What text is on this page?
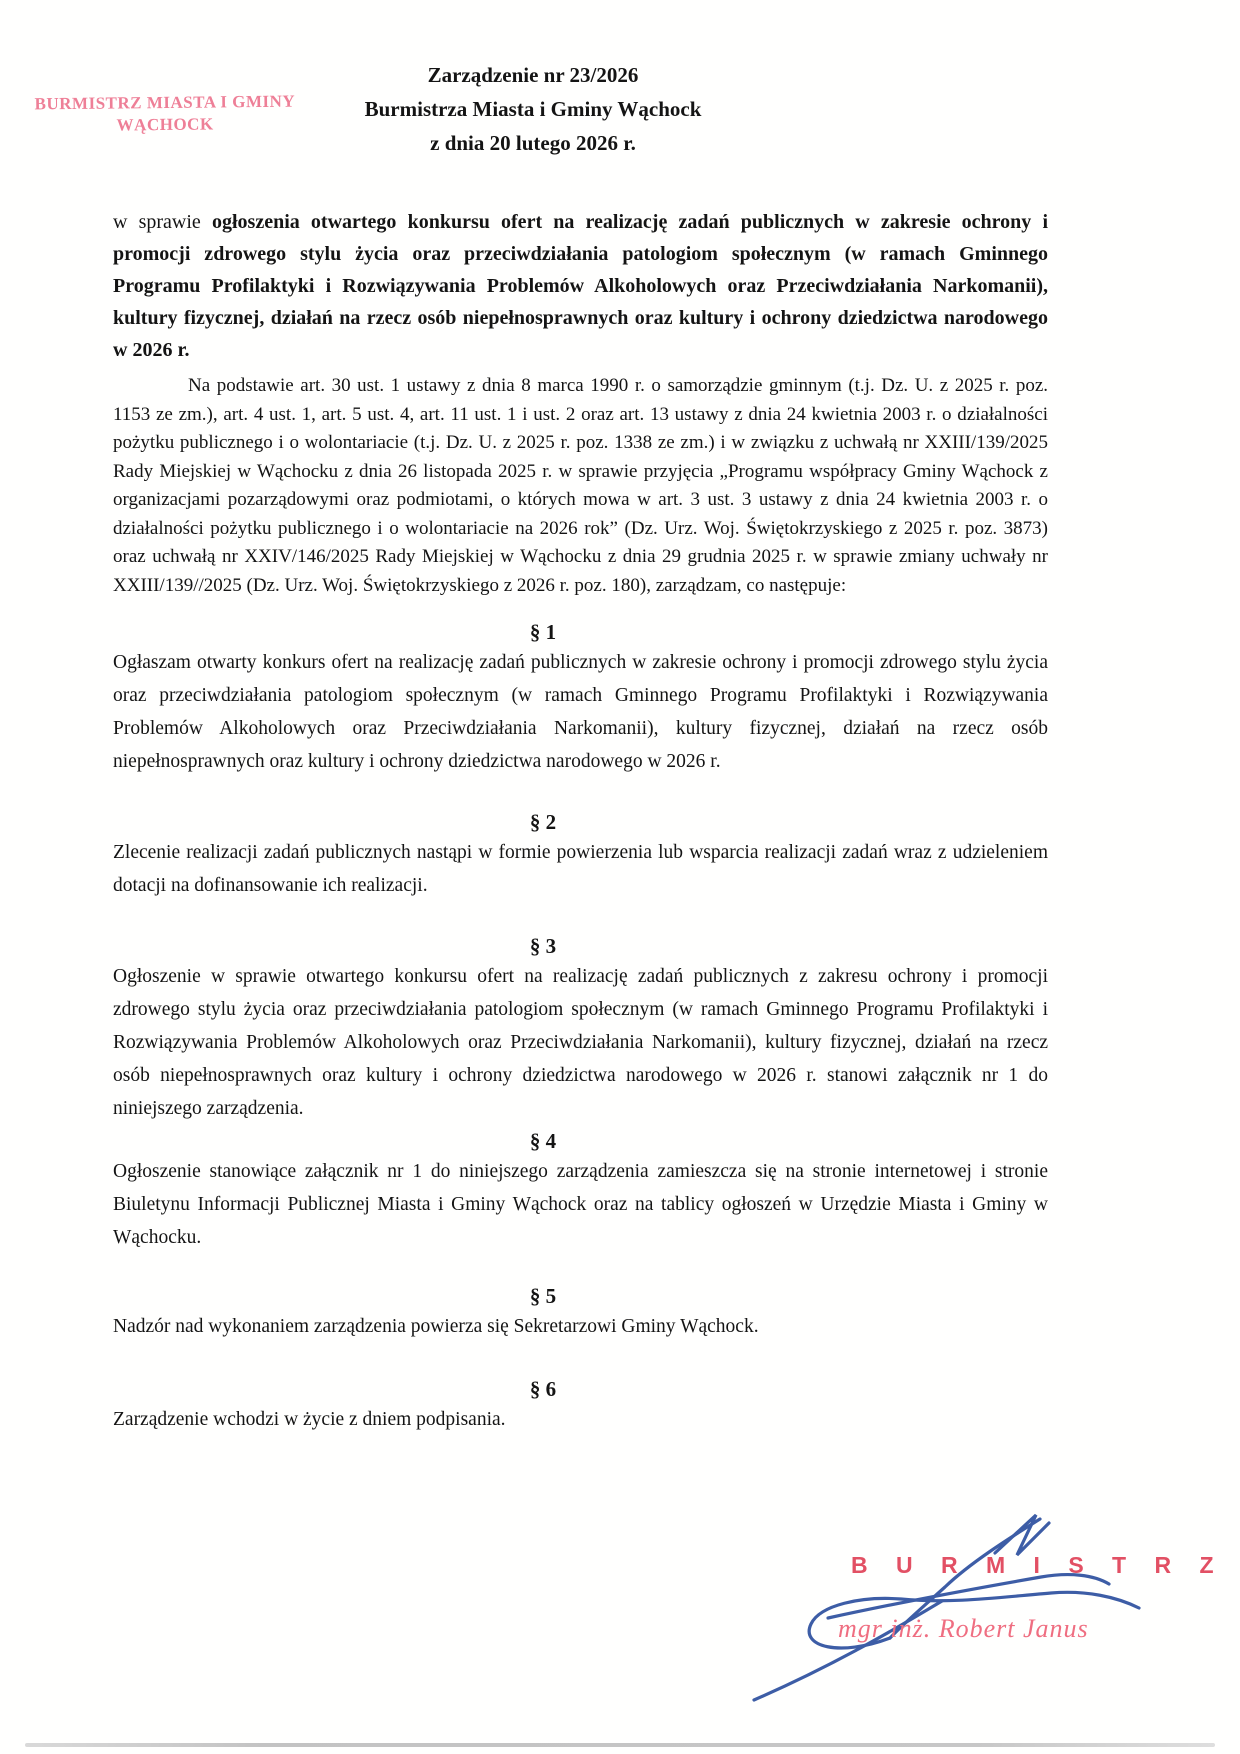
BURMISTRZ MIASTA I GMINY
WĄCHOCK
Zarządzenie nr 23/2026
Burmistrza Miasta i Gminy Wąchock
z dnia 20 lutego 2026 r.

w sprawie ogłoszenia otwartego konkursu ofert na realizację zadań publicznych w zakresie ochrony i promocji zdrowego stylu życia oraz przeciwdziałania patologiom społecznym (w ramach Gminnego Programu Profilaktyki i Rozwiązywania Problemów Alkoholowych oraz Przeciwdziałania Narkomanii), kultury fizycznej, działań na rzecz osób niepełnosprawnych oraz kultury i ochrony dziedzictwa narodowego w 2026 r.

Na podstawie art. 30 ust. 1 ustawy z dnia 8 marca 1990 r. o samorządzie gminnym (t.j. Dz. U. z 2025 r. poz. 1153 ze zm.), art. 4 ust. 1, art. 5 ust. 4, art. 11 ust. 1 i ust. 2 oraz art. 13 ustawy z dnia 24 kwietnia 2003 r. o działalności pożytku publicznego i o wolontariacie (t.j. Dz. U. z 2025 r. poz. 1338 ze zm.) i w związku z uchwałą nr XXIII/139/2025 Rady Miejskiej w Wąchocku z dnia 26 listopada 2025 r. w sprawie przyjęcia „Programu współpracy Gminy Wąchock z organizacjami pozarządowymi oraz podmiotami, o których mowa w art. 3 ust. 3 ustawy z dnia 24 kwietnia 2003 r. o działalności pożytku publicznego i o wolontariacie na 2026 rok” (Dz. Urz. Woj. Świętokrzyskiego z 2025 r. poz. 3873) oraz uchwałą nr XXIV/146/2025 Rady Miejskiej w Wąchocku z dnia 29 grudnia 2025 r. w sprawie zmiany uchwały nr XXIII/139//2025 (Dz. Urz. Woj. Świętokrzyskiego z 2026 r. poz. 180), zarządzam, co następuje:

§ 1

Ogłaszam otwarty konkurs ofert na realizację zadań publicznych w zakresie ochrony i promocji zdrowego stylu życia oraz przeciwdziałania patologiom społecznym (w ramach Gminnego Programu Profilaktyki i Rozwiązywania Problemów Alkoholowych oraz Przeciwdziałania Narkomanii), kultury fizycznej, działań na rzecz osób niepełnosprawnych oraz kultury i ochrony dziedzictwa narodowego w 2026 r.

§ 2

Zlecenie realizacji zadań publicznych nastąpi w formie powierzenia lub wsparcia realizacji zadań wraz z udzieleniem dotacji na dofinansowanie ich realizacji.

§ 3

Ogłoszenie w sprawie otwartego konkursu ofert na realizację zadań publicznych z zakresu ochrony i promocji zdrowego stylu życia oraz przeciwdziałania patologiom społecznym (w ramach Gminnego Programu Profilaktyki i Rozwiązywania Problemów Alkoholowych oraz Przeciwdziałania Narkomanii), kultury fizycznej, działań na rzecz osób niepełnosprawnych oraz kultury i ochrony dziedzictwa narodowego w 2026 r. stanowi załącznik nr 1 do niniejszego zarządzenia.

§ 4

Ogłoszenie stanowiące załącznik nr 1 do niniejszego zarządzenia zamieszcza się na stronie internetowej i stronie Biuletynu Informacji Publicznej Miasta i Gminy Wąchock oraz na tablicy ogłoszeń w Urzędzie Miasta i Gminy w Wąchocku.

§ 5

Nadzór nad wykonaniem zarządzenia powierza się Sekretarzowi Gminy Wąchock.

§ 6

Zarządzenie wchodzi w życie z dniem podpisania.

B U R M I S T R Z
mgr inż. Robert Janus
